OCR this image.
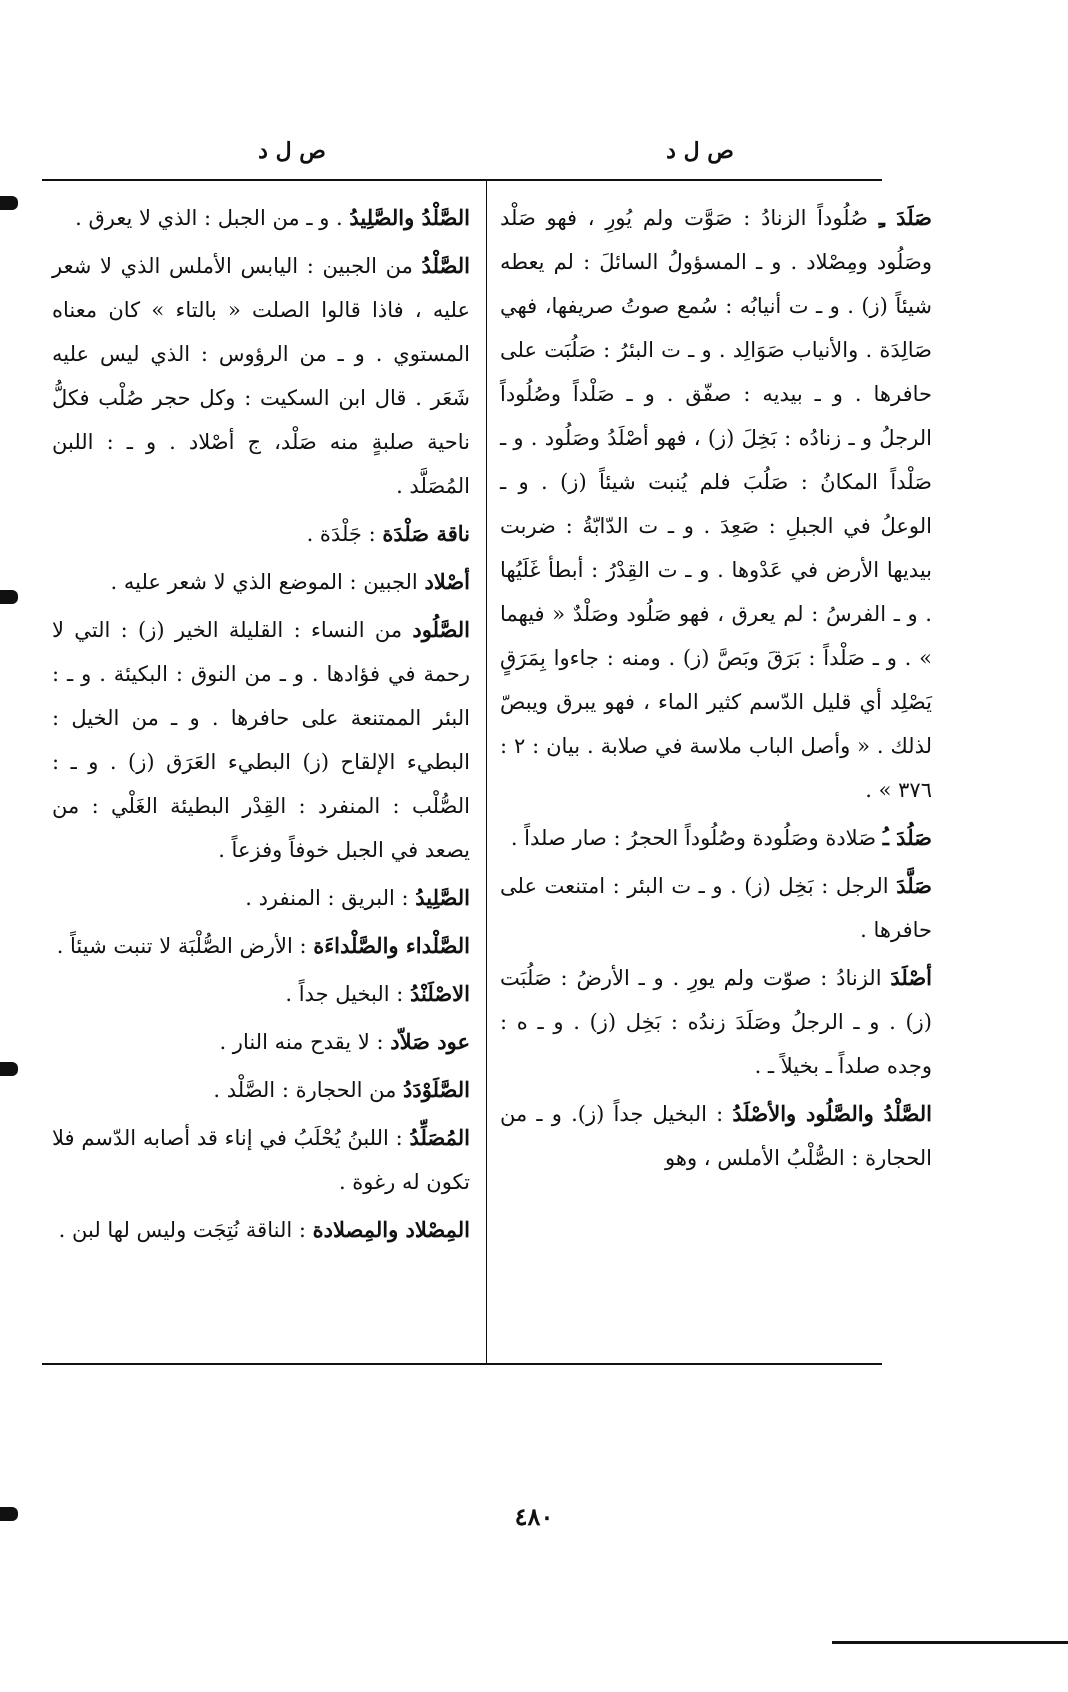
ص ل د
ص ل د
صَلَدَ ـِ صُلُوداً الزنادُ : صَوَّت ولم يُورِ ، فهو صَلْد وصَلُود ومِصْلاد . و ـ المسؤولُ السائلَ : لم يعطه شيئاً (ز) . و ـ ت أنيابُه : سُمع صوتُ صريفها، فهي صَالِدَة . والأنياب صَوَالِد . و ـ ت البئرُ : صَلُبَت على حافرها . و ـ بيديه : صفّق . و ـ صَلْداً وصُلُوداً الرجلُ و ـ زنادُه : بَخِلَ (ز) ، فهو أصْلَدُ وصَلُود . و ـ صَلْداً المكانُ : صَلُبَ فلم يُنبت شيئاً (ز) . و ـ الوعلُ في الجبلِ : صَعِدَ . و ـ ت الدّابّةُ : ضربت بيديها الأرض في عَدْوها . و ـ ت القِدْرُ : أبطأ غَلَيُها . و ـ الفرسُ : لم يعرق ، فهو صَلُود وصَلْدٌ « فيهما » . و ـ صَلْداً : بَرَقَ وبَصَّ (ز) . ومنه : جاءوا بِمَرَقٍ يَصْلِد أي قليل الدّسم كثير الماء ، فهو يبرق ويبصّ لذلك . « وأصل الباب ملاسة في صلابة . بيان : ٢ : ٣٧٦ » .
صَلُدَ ـُ صَلادة وصَلُودة وصُلُوداً الحجرُ : صار صلداً .
صَلَّدَ الرجل : بَخِل (ز) . و ـ ت البئر : امتنعت على حافرها .
أصْلَدَ الزنادُ : صوّت ولم يورِ . و ـ الأرضُ : صَلُبَت (ز) . و ـ الرجلُ وصَلَدَ زندُه : بَخِل (ز) . و ـ ه : وجده صلداً ـ بخيلاً ـ .
الصَّلْدُ والصَّلُود والأصْلَدُ : البخيل جداً (ز). و ـ من الحجارة : الصُّلْبُ الأملس ، وهو
الصَّلْدُ والصَّلِيدُ . و ـ من الجبل : الذي لا يعرق .
الصَّلْدُ من الجبين : اليابس الأملس الذي لا شعر عليه ، فاذا قالوا الصلت « بالتاء » كان معناه المستوي . و ـ من الرؤوس : الذي ليس عليه شَعَر . قال ابن السكيت : وكل حجر صُلْب فكلُّ ناحية صلبةٍ منه صَلْد، ج أصْلاد . و ـ : اللبن المُصَلَّد .
ناقة صَلْدَة : جَلْدَة .
أصْلاد الجبين : الموضع الذي لا شعر عليه .
الصَّلُود من النساء : القليلة الخير (ز) : التي لا رحمة في فؤادها . و ـ من النوق : البكيئة . و ـ : البئر الممتنعة على حافرها . و ـ من الخيل : البطيء الإلقاح (ز) البطيء العَرَق (ز) . و ـ : الصُّلْب : المنفرد : القِدْر البطيئة الغَلْي : من يصعد في الجبل خوفاً وفزعاً .
الصَّلِيدُ : البريق : المنفرد .
الصَّلْداء والصَّلْداءَة : الأرض الصُّلْبَة لا تنبت شيئاً .
الاصْلَنْدُ : البخيل جداً .
عود صَلاّد : لا يقدح منه النار .
الصَّلَوْدَدُ من الحجارة : الصَّلْد .
المُصَلِّدُ : اللبنُ يُحْلَبُ في إناء قد أصابه الدّسم فلا تكون له رغوة .
المِصْلاد والمِصلادة : الناقة نُتِجَت وليس لها لبن .
٤٨٠
